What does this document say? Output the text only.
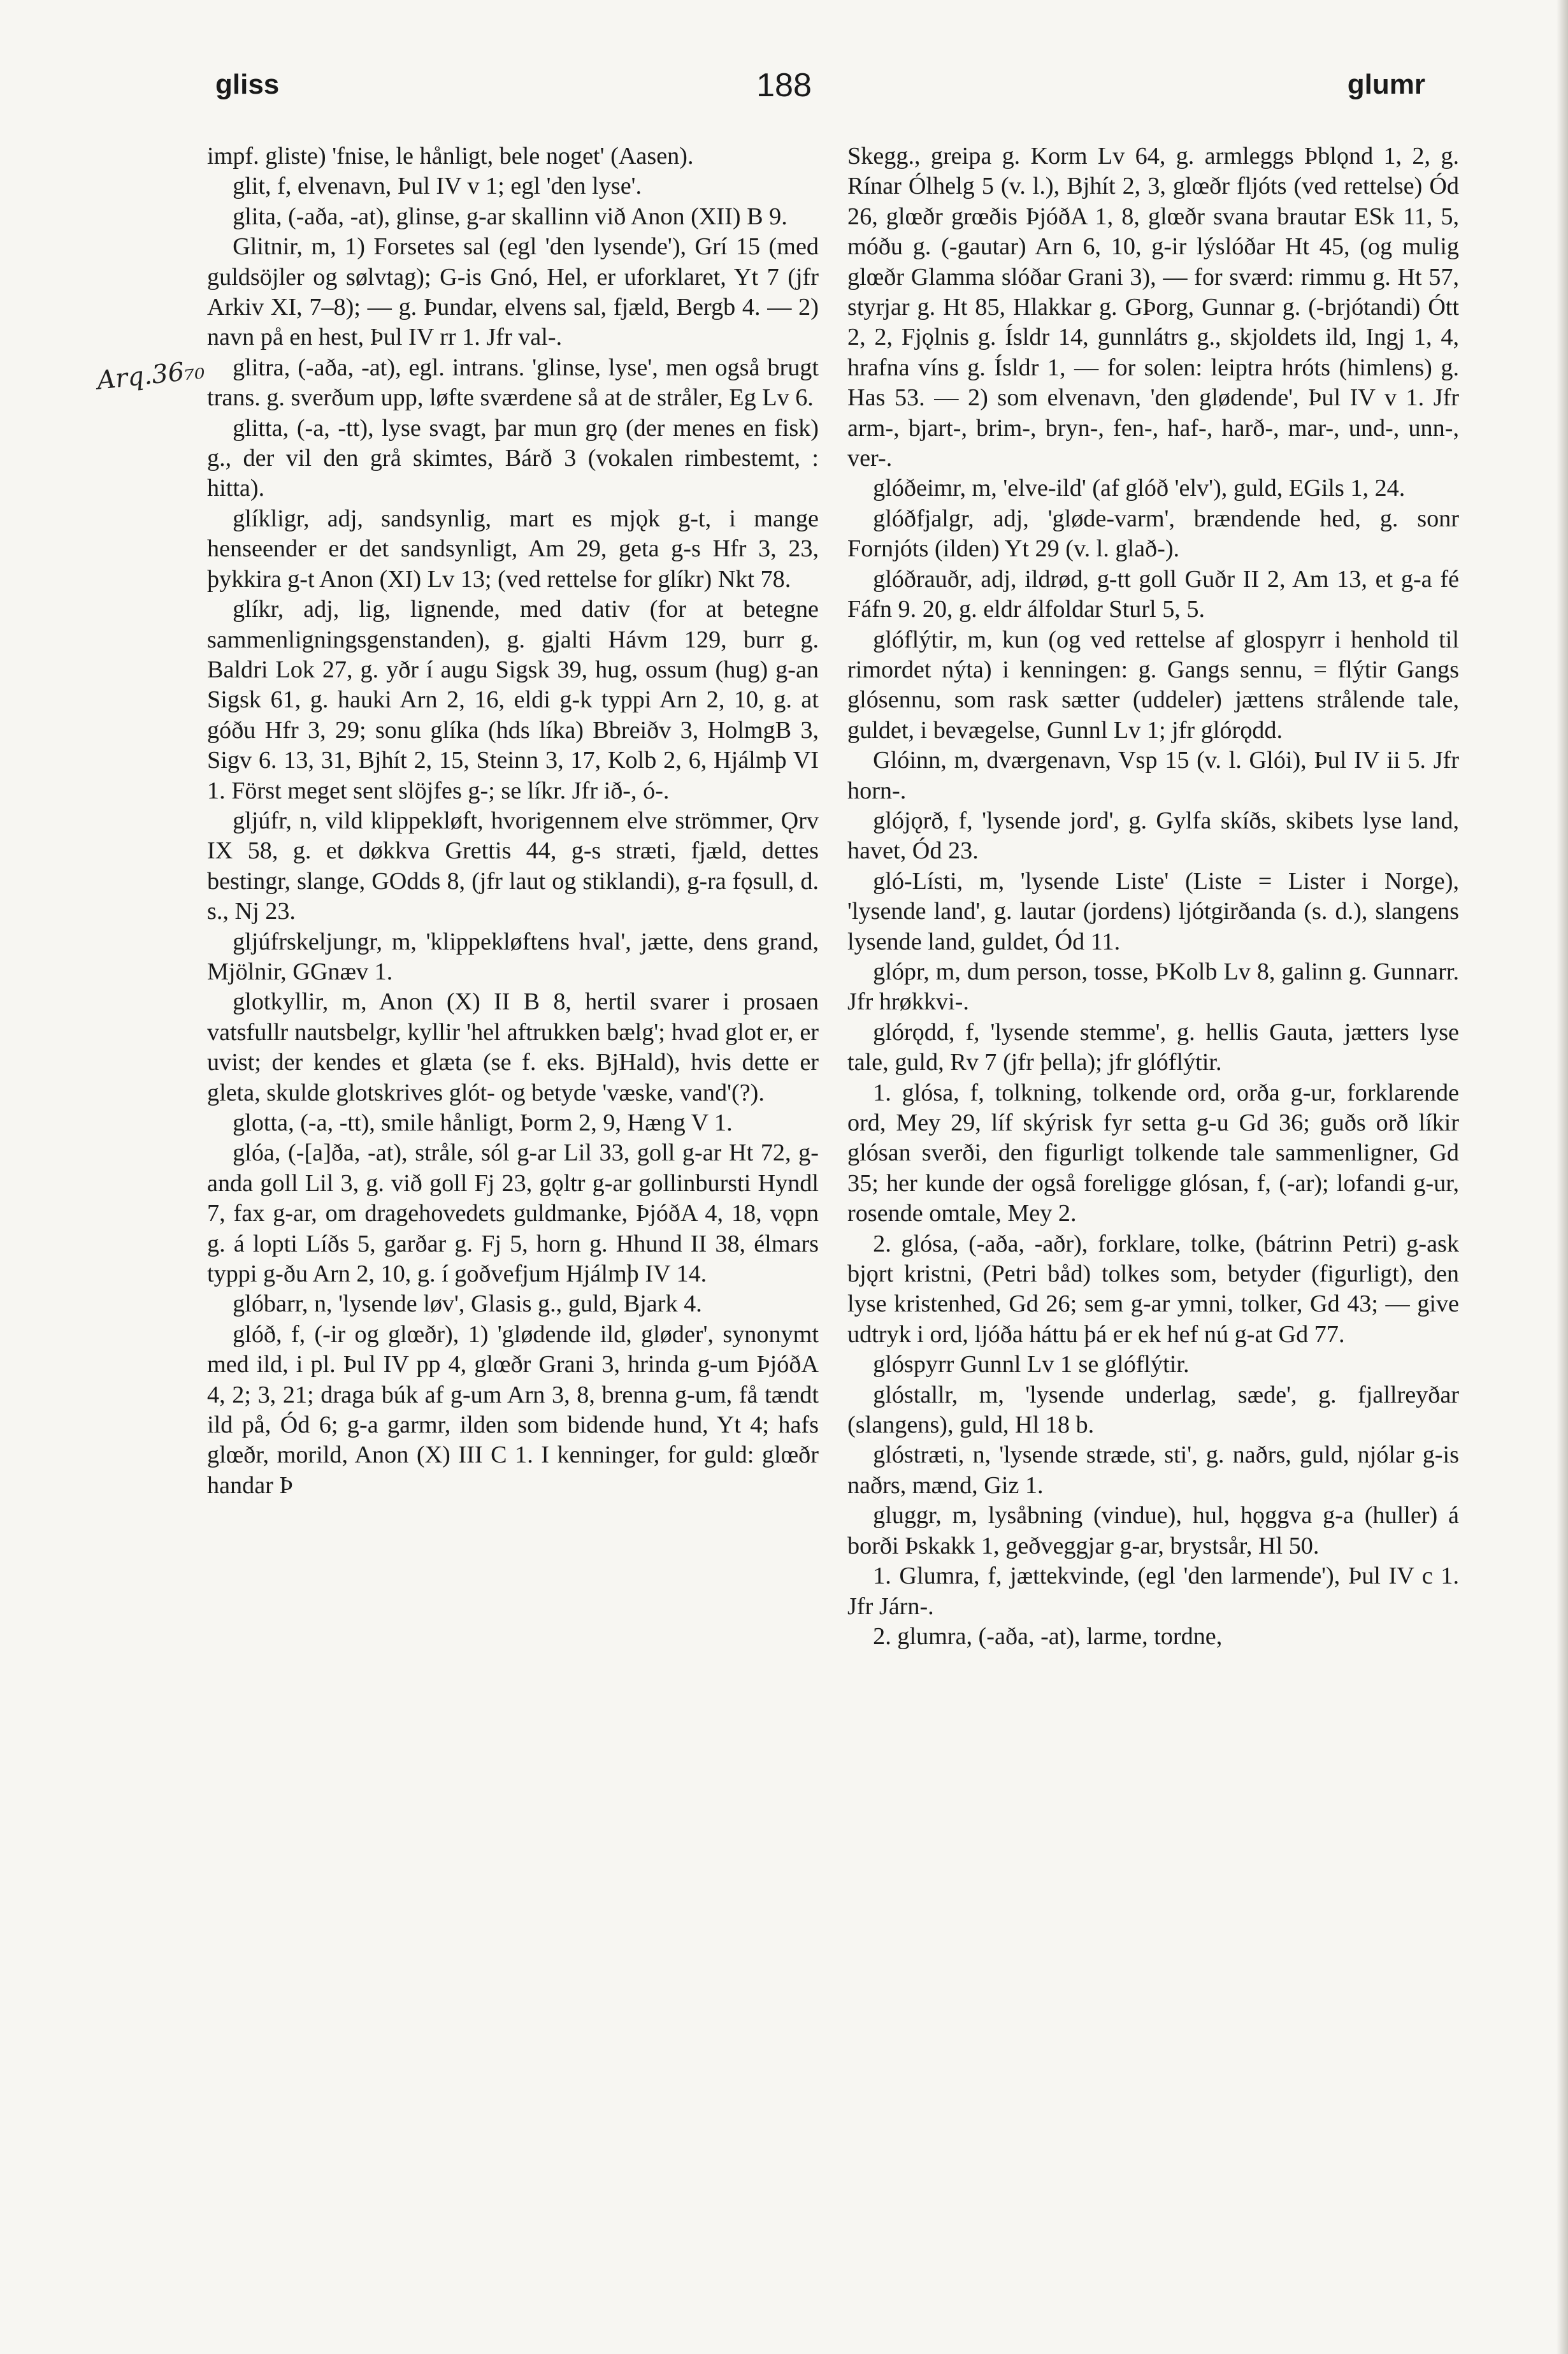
gliss	188	glumr
Arq.36₇₀

impf. gliste) 'fnise, le hånligt, bele noget' (Aasen).

glit, f, elvenavn, Þul IV v 1; egl 'den lyse'.

glita, (-aða, -at), glinse, g-ar skallinn við Anon (XII) B 9.

Glitnir, m, 1) Forsetes sal (egl 'den lysende'), Grí 15 (med guldsöjler og sølvtag); G-is Gnó, Hel, er uforklaret, Yt 7 (jfr Arkiv XI, 7–8); — g. Þundar, elvens sal, fjæld, Bergb 4. — 2) navn på en hest, Þul IV rr 1. Jfr val-.

glitra, (-aða, -at), egl. intrans. 'glinse, lyse', men også brugt trans. g. sverðum upp, løfte sværdene så at de stråler, Eg Lv 6.

glitta, (-a, -tt), lyse svagt, þar mun grǫ (der menes en fisk) g., der vil den grå skimtes, Bárð 3 (vokalen rimbestemt, : hitta).

glíkligr, adj, sandsynlig, mart es mjǫk g-t, i mange henseender er det sandsynligt, Am 29, geta g-s Hfr 3, 23, þykkira g-t Anon (XI) Lv 13; (ved rettelse for glíkr) Nkt 78.

glíkr, adj, lig, lignende, med dativ (for at betegne sammenligningsgenstanden), g. gjalti Hávm 129, burr g. Baldri Lok 27, g. yðr í augu Sigsk 39, hug, ossum (hug) g-an Sigsk 61, g. hauki Arn 2, 16, eldi g-k typpi Arn 2, 10, g. at góðu Hfr 3, 29; sonu glíka (hds líka) Bbreiðv 3, HolmgB 3, Sigv 6. 13, 31, Bjhít 2, 15, Steinn 3, 17, Kolb 2, 6, Hjálmþ VI 1. Först meget sent slöjfes g-; se líkr. Jfr ið-, ó-.

gljúfr, n, vild klippekløft, hvorigennem elve strömmer, Ǫrv IX 58, g. et døkkva Grettis 44, g-s stræti, fjæld, dettes bestingr, slange, GOdds 8, (jfr laut og stiklandi), g-ra fǫsull, d. s., Nj 23.

gljúfrskeljungr, m, 'klippekløftens hval', jætte, dens grand, Mjölnir, GGnæv 1.

glotkyllir, m, Anon (X) II B 8, hertil svarer i prosaen vatsfullr nautsbelgr, kyllir 'hel aftrukken bælg'; hvad glot er, er uvist; der kendes et glæta (se f. eks. BjHald), hvis dette er gleta, skulde glotskrives glót- og betyde 'væske, vand'(?).

glotta, (-a, -tt), smile hånligt, Þorm 2, 9, Hæng V 1.

glóa, (-[a]ða, -at), stråle, sól g-ar Lil 33, goll g-ar Ht 72, g-anda goll Lil 3, g. við goll Fj 23, gǫltr g-ar gollinbursti Hyndl 7, fax g-ar, om dragehovedets guldmanke, ÞjóðA 4, 18, vǫpn g. á lopti Líðs 5, garðar g. Fj 5, horn g. Hhund II 38, élmars typpi g-ðu Arn 2, 10, g. í goðvefjum Hjálmþ IV 14.

glóbarr, n, 'lysende løv', Glasis g., guld, Bjark 4.

glóð, f, (-ir og glœðr), 1) 'glødende ild, gløder', synonymt med ild, i pl. Þul IV pp 4, glœðr Grani 3, hrinda g-um ÞjóðA 4, 2; 3, 21; draga búk af g-um Arn 3, 8, brenna g-um, få tændt ild på, Ód 6; g-a garmr, ilden som bidende hund, Yt 4; hafs glœðr, morild, Anon (X) III C 1. I kenninger, for guld: glœðr handar Þ

Skegg., greipa g. Korm Lv 64, g. armleggs Þblǫnd 1, 2, g. Rínar Ólhelg 5 (v. l.), Bjhít 2, 3, glœðr fljóts (ved rettelse) Ód 26, glœðr grœðis ÞjóðA 1, 8, glœðr svana brautar ESk 11, 5, móðu g. (-gautar) Arn 6, 10, g-ir lýslóðar Ht 45, (og mulig glœðr Glamma slóðar Grani 3), — for sværd: rimmu g. Ht 57, styrjar g. Ht 85, Hlakkar g. GÞorg, Gunnar g. (-brjótandi) Ótt 2, 2, Fjǫlnis g. Ísldr 14, gunnlátrs g., skjoldets ild, Ingj 1, 4, hrafna víns g. Ísldr 1, — for solen: leiptra hróts (himlens) g. Has 53. — 2) som elvenavn, 'den glødende', Þul IV v 1. Jfr arm-, bjart-, brim-, bryn-, fen-, haf-, harð-, mar-, und-, unn-, ver-.

glóðeimr, m, 'elve-ild' (af glóð 'elv'), guld, EGils 1, 24.

glóðfjalgr, adj, 'gløde-varm', brændende hed, g. sonr Fornjóts (ilden) Yt 29 (v. l. glað-).

glóðrauðr, adj, ildrød, g-tt goll Guðr II 2, Am 13, et g-a fé Fáfn 9. 20, g. eldr álfoldar Sturl 5, 5.

glóflýtir, m, kun (og ved rettelse af glospyrr i henhold til rimordet nýta) i kenningen: g. Gangs sennu, = flýtir Gangs glósennu, som rask sætter (uddeler) jættens strålende tale, guldet, i bevægelse, Gunnl Lv 1; jfr glórǫdd.

Glóinn, m, dværgenavn, Vsp 15 (v. l. Glói), Þul IV ii 5. Jfr horn-.

glójǫrð, f, 'lysende jord', g. Gylfa skíðs, skibets lyse land, havet, Ód 23.

gló-Lísti, m, 'lysende Liste' (Liste = Lister i Norge), 'lysende land', g. lautar (jordens) ljótgirðanda (s. d.), slangens lysende land, guldet, Ód 11.

glópr, m, dum person, tosse, ÞKolb Lv 8, galinn g. Gunnarr. Jfr hrøkkvi-.

glórǫdd, f, 'lysende stemme', g. hellis Gauta, jætters lyse tale, guld, Rv 7 (jfr þella); jfr glóflýtir.

1. glósa, f, tolkning, tolkende ord, orða g-ur, forklarende ord, Mey 29, líf skýrisk fyr setta g-u Gd 36; guðs orð líkir glósan sverði, den figurligt tolkende tale sammenligner, Gd 35; her kunde der også foreligge glósan, f, (-ar); lofandi g-ur, rosende omtale, Mey 2.

2. glósa, (-aða, -aðr), forklare, tolke, (bátrinn Petri) g-ask bjǫrt kristni, (Petri båd) tolkes som, betyder (figurligt), den lyse kristenhed, Gd 26; sem g-ar ymni, tolker, Gd 43; — give udtryk i ord, ljóða háttu þá er ek hef nú g-at Gd 77.

glóspyrr Gunnl Lv 1 se glóflýtir.

glóstallr, m, 'lysende underlag, sæde', g. fjallreyðar (slangens), guld, Hl 18 b.

glóstræti, n, 'lysende stræde, sti', g. naðrs, guld, njólar g-is naðrs, mænd, Giz 1.

gluggr, m, lysåbning (vindue), hul, hǫggva g-a (huller) á borði Þskakk 1, geðveggjar g-ar, brystsår, Hl 50.

1. Glumra, f, jættekvinde, (egl 'den larmende'), Þul IV c 1. Jfr Járn-.

2. glumra, (-aða, -at), larme, tordne,
